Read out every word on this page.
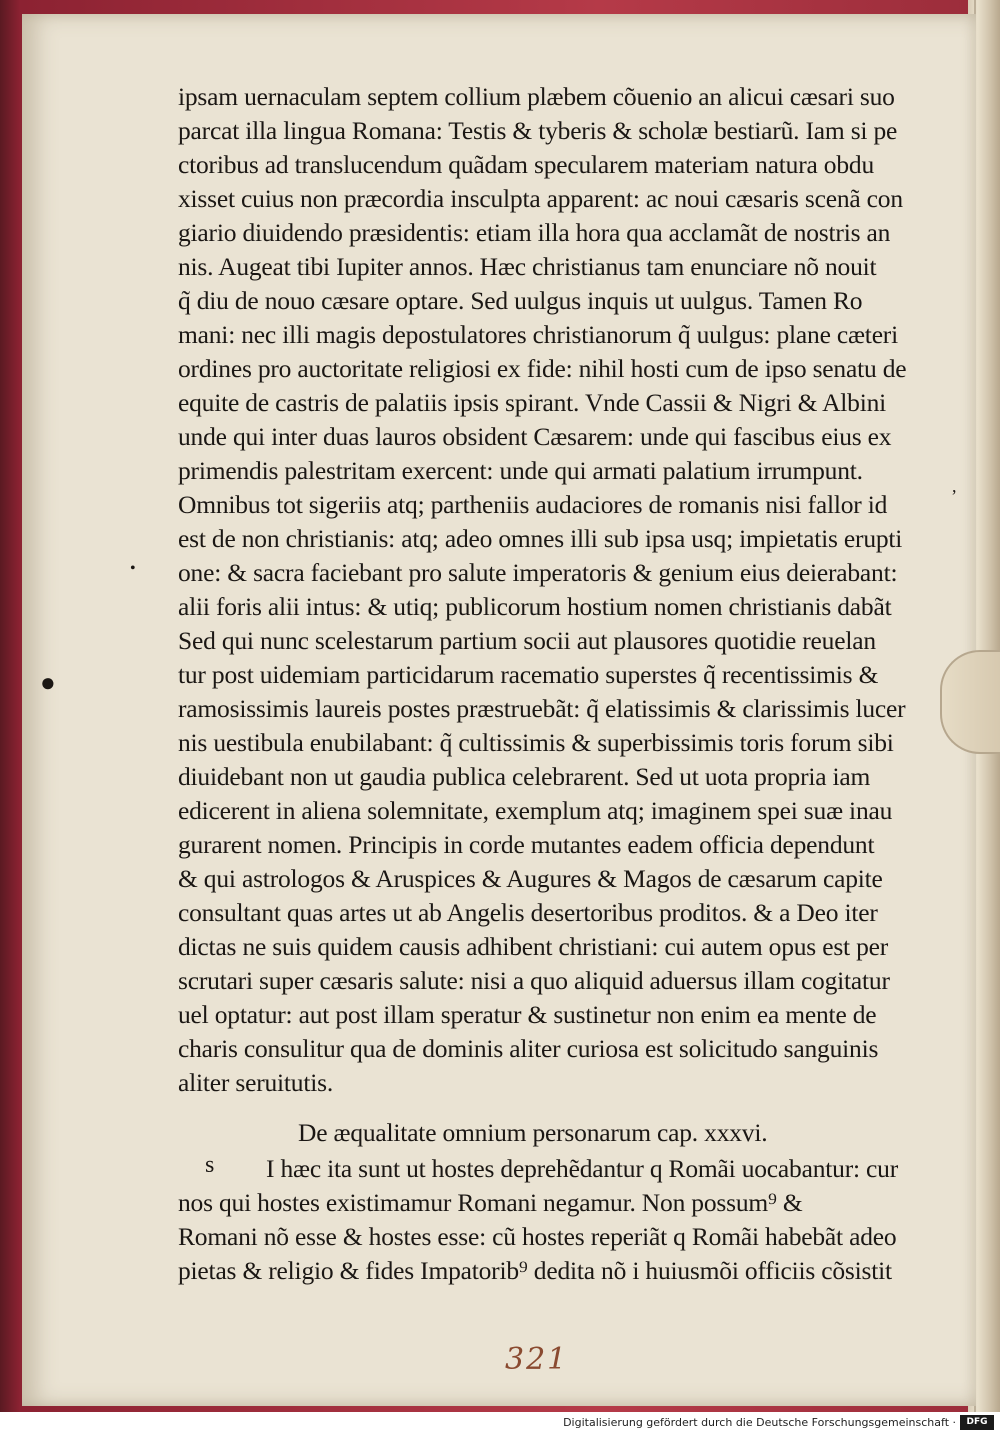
ipsam uernaculam septem collium plæbem cõuenio an alicui cæsari suo
parcat illa lingua Romana: Testis & tyberis & scholæ bestiarũ. Iam si pe
ctoribus ad translucendum quãdam specularem materiam natura obdu
xisset cuius non præcordia insculpta apparent: ac noui cæsaris scenã con
giario diuidendo præsidentis: etiam illa hora qua acclamãt de nostris an
nis. Augeat tibi Iupiter annos. Hæc christianus tam enunciare nõ nouit
q̃ diu de nouo cæsare optare. Sed uulgus inquis ut uulgus. Tamen Ro
mani: nec illi magis depostulatores christianorum q̃ uulgus: plane cæteri
ordines pro auctoritate religiosi ex fide: nihil hosti cum de ipso senatu de
equite de castris de palatiis ipsis spirant. Vnde Cassii & Nigri & Albini
unde qui inter duas lauros obsident Cæsarem: unde qui fascibus eius ex
primendis palestritam exercent: unde qui armati palatium irrumpunt.
Omnibus tot sigeriis atq; partheniis audaciores de romanis nisi fallor id
est de non christianis: atq; adeo omnes illi sub ipsa usq; impietatis erupti
one: & sacra faciebant pro salute imperatoris & genium eius deierabant:
alii foris alii intus: & utiq; publicorum hostium nomen christianis dabãt
Sed qui nunc scelestarum partium socii aut plausores quotidie reuelan
tur post uidemiam particidarum racematio superstes q̃ recentissimis &
ramosissimis laureis postes præstruebãt: q̃ elatissimis & clarissimis lucer
nis uestibula enubilabant: q̃ cultissimis & superbissimis toris forum sibi
diuidebant non ut gaudia publica celebrarent. Sed ut uota propria iam
edicerent in aliena solemnitate, exemplum atq; imaginem spei suæ inau
gurarent nomen. Principis in corde mutantes eadem officia dependunt
& qui astrologos & Aruspices & Augures & Magos de cæsarum capite
consultant quas artes ut ab Angelis desertoribus proditos. & a Deo iter
dictas ne suis quidem causis adhibent christiani: cui autem opus est per
scrutari super cæsaris salute: nisi a quo aliquid aduersus illam cogitatur
uel optatur: aut post illam speratur & sustinetur non enim ea mente de
charis consulitur qua de dominis aliter curiosa est solicitudo sanguinis
aliter seruitutis.
De æqualitate omnium personarum cap. xxxvi.
I hæc ita sunt ut hostes deprehẽdantur q Romãi uocabantur: cur
nos qui hostes existimamur Romani negamur. Non possum⁹ &
Romani nõ esse & hostes esse: cũ hostes reperiãt q Romãi habebãt adeo
pietas & religio & fides Impatorib⁹ dedita nõ i huiusmõi officiis cõsistit
s
•
●
,
321
Digitalisierung gefördert durch die Deutsche Forschungsgemeinschaft ·	DFG
